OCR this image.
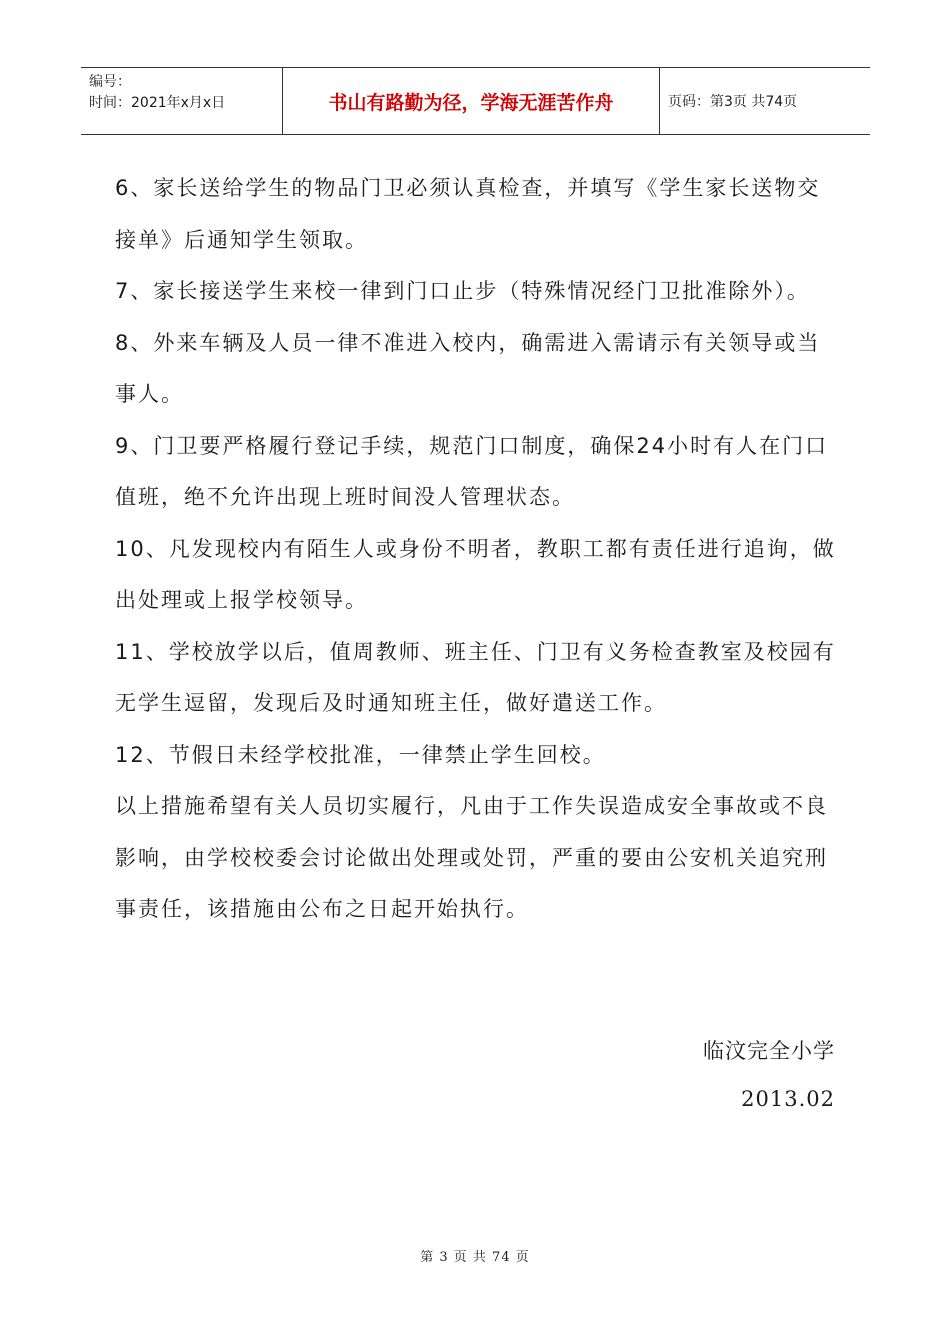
编号：
时间：2021年x月x日	书山有路勤为径，学海无涯苦作舟	页码：第3页 共74页

6、家长送给学生的物品门卫必须认真检查，并填写《学生家长送物交接单》后通知学生领取。

7、家长接送学生来校一律到门口止步（特殊情况经门卫批准除外）。

8、外来车辆及人员一律不准进入校内，确需进入需请示有关领导或当事人。

9、门卫要严格履行登记手续，规范门口制度，确保24小时有人在门口值班，绝不允许出现上班时间没人管理状态。

10、凡发现校内有陌生人或身份不明者，教职工都有责任进行追询，做出处理或上报学校领导。

11、学校放学以后，值周教师、班主任、门卫有义务检查教室及校园有无学生逗留，发现后及时通知班主任，做好遣送工作。

12、节假日未经学校批准，一律禁止学生回校。

以上措施希望有关人员切实履行，凡由于工作失误造成安全事故或不良影响，由学校校委会讨论做出处理或处罚，严重的要由公安机关追究刑事责任，该措施由公布之日起开始执行。

临汶完全小学
2013.02
第 3 页 共 74 页
